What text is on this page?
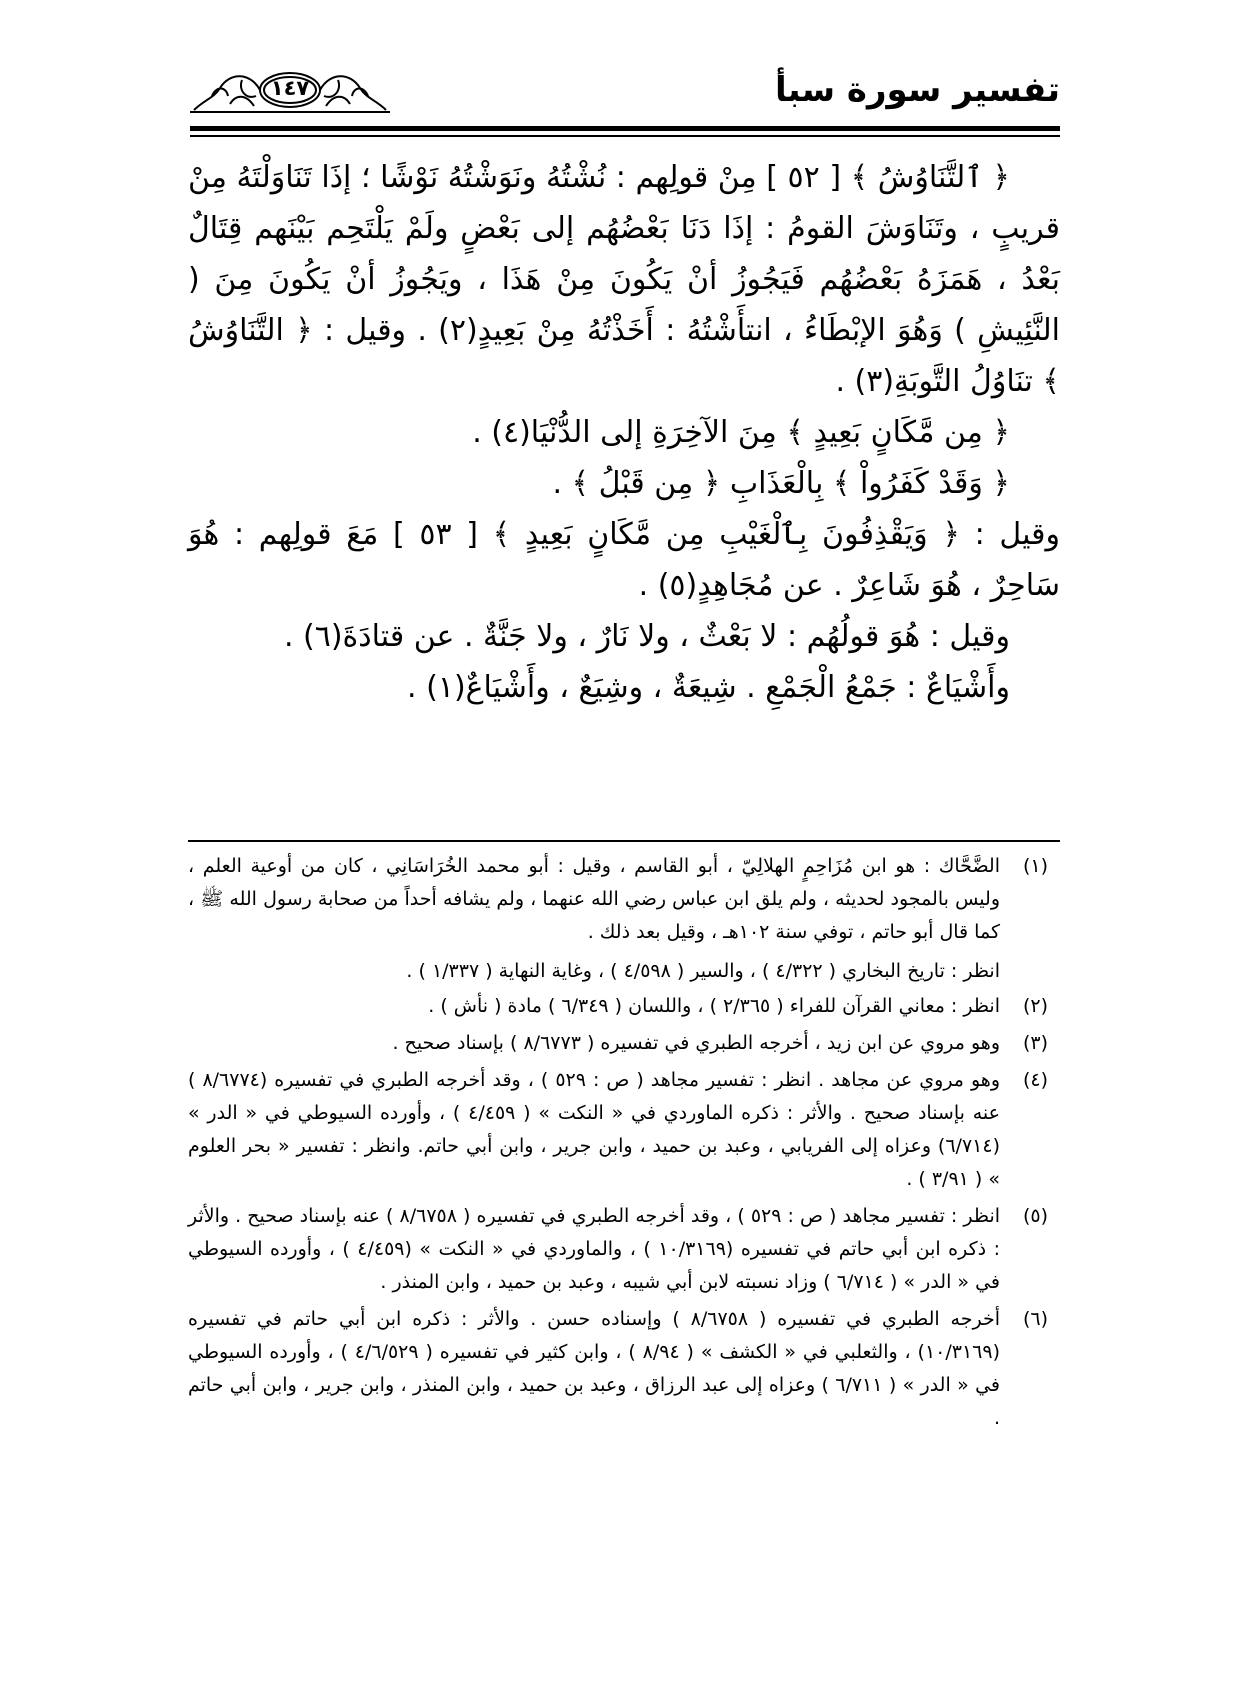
تفسير سورة سبأ
١٤٧

﴿ ٱلتَّنَاوُشُ ﴾ [ ٥٢ ] مِنْ قولِهم : نُشْتُهُ ونَوَشْتُهُ نَوْشًا ؛ إذَا تَنَاوَلْتَهُ مِنْ قريبٍ ، وتَنَاوَشَ القومُ : إذَا دَنَا بَعْضُهُم إلى بَعْضٍ ولَمْ يَلْتَحِم بَيْنَهم قِتَالٌ بَعْدُ ، هَمَزَهُ بَعْضُهُم فَيَجُوزُ أنْ يَكُونَ مِنْ هَذَا ، ويَجُوزُ أنْ يَكُونَ مِنَ ( النَّئِيشِ ) وَهُوَ الإبْطَاءُ ، انتأَشْتُهُ : أَخَذْتُهُ مِنْ بَعِيدٍ(٢) . وقيل : ﴿ التَّنَاوُشُ ﴾ تنَاوُلُ التَّوبَةِ(٣) .

﴿ مِن مَّكَانٍ بَعِيدٍ ﴾ مِنَ الآخِرَةِ إلى الدُّنْيَا(٤) .

﴿ وَقَدْ كَفَرُواْ ﴾ بِالْعَذَابِ ﴿ مِن قَبْلُ ﴾ .

وقيل : ﴿ وَيَقْذِفُونَ بِٱلْغَيْبِ مِن مَّكَانٍ بَعِيدٍ ﴾ [ ٥٣ ] مَعَ قولِهم : هُوَ سَاحِرٌ ، هُوَ شَاعِرٌ . عن مُجَاهِدٍ(٥) .

وقيل : هُوَ قولُهُم : لا بَعْثٌ ، ولا نَارٌ ، ولا جَنَّةٌ . عن قتادَةَ(٦) .

وأَشْيَاعٌ : جَمْعُ الْجَمْعِ . شِيعَةٌ ، وشِيَعٌ ، وأَشْيَاعٌ(١) .

(١)
الضَّحَّاك : هو ابن مُزَاحِمٍ الهلالِيّ ، أبو القاسم ، وقيل : أبو محمد الخُرَاسَانِي ، كان من أوعية العلم ، وليس بالمجود لحديثه ، ولم يلق ابن عباس رضي الله عنهما ، ولم يشافه أحداً من صحابة رسول الله ﷺ ، كما قال أبو حاتم ، توفي سنة ١٠٢هـ ، وقيل بعد ذلك .
انظر : تاريخ البخاري ( ٤/٣٢٢ ) ، والسير ( ٤/٥٩٨ ) ، وغاية النهاية ( ١/٣٣٧ ) .
(٢)
انظر : معاني القرآن للفراء ( ٢/٣٦٥ ) ، واللسان ( ٦/٣٤٩ ) مادة ( نأش ) .
(٣)
وهو مروي عن ابن زيد ، أخرجه الطبري في تفسيره ( ٨/٦٧٧٣ ) بإسناد صحيح .
(٤)
وهو مروي عن مجاهد . انظر : تفسير مجاهد ( ص : ٥٢٩ ) ، وقد أخرجه الطبري في تفسيره (٨/٦٧٧٤ ) عنه بإسناد صحيح . والأثر : ذكره الماوردي في « النكت » ( ٤/٤٥٩ ) ، وأورده السيوطي في « الدر » (٦/٧١٤) وعزاه إلى الفريابي ، وعبد بن حميد ، وابن جرير ، وابن أبي حاتم. وانظر : تفسير « بحر العلوم » ( ٣/٩١ ) .
(٥)
انظر : تفسير مجاهد ( ص : ٥٢٩ ) ، وقد أخرجه الطبري في تفسيره ( ٨/٦٧٥٨ ) عنه بإسناد صحيح . والأثر : ذكره ابن أبي حاتم في تفسيره (١٠/٣١٦٩ ) ، والماوردي في « النكت » (٤/٤٥٩ ) ، وأورده السيوطي في « الدر » ( ٦/٧١٤ ) وزاد نسبته لابن أبي شيبه ، وعبد بن حميد ، وابن المنذر .
(٦)
أخرجه الطبري في تفسيره ( ٨/٦٧٥٨ ) وإسناده حسن . والأثر : ذكره ابن أبي حاتم في تفسيره (١٠/٣١٦٩) ، والثعلبي في « الكشف » ( ٨/٩٤ ) ، وابن كثير في تفسيره ( ٤/٦/٥٢٩ ) ، وأورده السيوطي في « الدر » ( ٦/٧١١ ) وعزاه إلى عبد الرزاق ، وعبد بن حميد ، وابن المنذر ، وابن جرير ، وابن أبي حاتم .
